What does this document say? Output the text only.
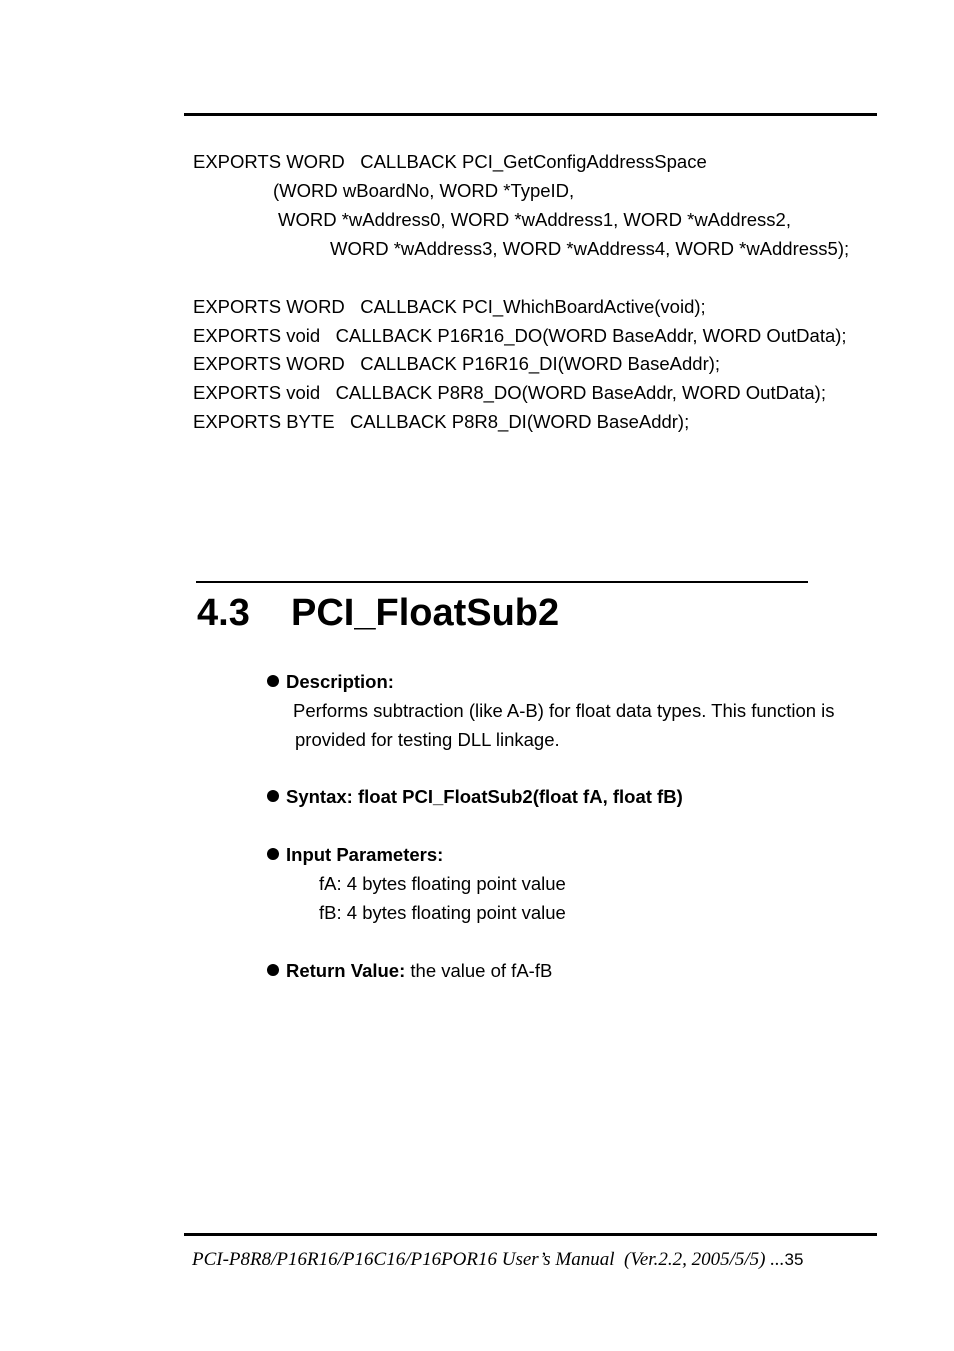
EXPORTS WORD   CALLBACK PCI_GetConfigAddressSpace
(WORD wBoardNo, WORD *TypeID,
WORD *wAddress0, WORD *wAddress1, WORD *wAddress2,
WORD *wAddress3, WORD *wAddress4, WORD *wAddress5);
EXPORTS WORD   CALLBACK PCI_WhichBoardActive(void);
EXPORTS void   CALLBACK P16R16_DO(WORD BaseAddr, WORD OutData);
EXPORTS WORD   CALLBACK P16R16_DI(WORD BaseAddr);
EXPORTS void   CALLBACK P8R8_DO(WORD BaseAddr, WORD OutData);
EXPORTS BYTE   CALLBACK P8R8_DI(WORD BaseAddr);
4.3 PCI_FloatSub2
Description:
Performs subtraction (like A-B) for float data types. This function is
provided for testing DLL linkage.
Syntax: float PCI_FloatSub2(float fA, float fB)
Input Parameters:
fA: 4 bytes floating point value
fB: 4 bytes floating point value
Return Value: the value of fA-fB
PCI-P8R8/P16R16/P16C16/P16POR16 User’s Manual  (Ver.2.2, 2005/5/5) ...35
